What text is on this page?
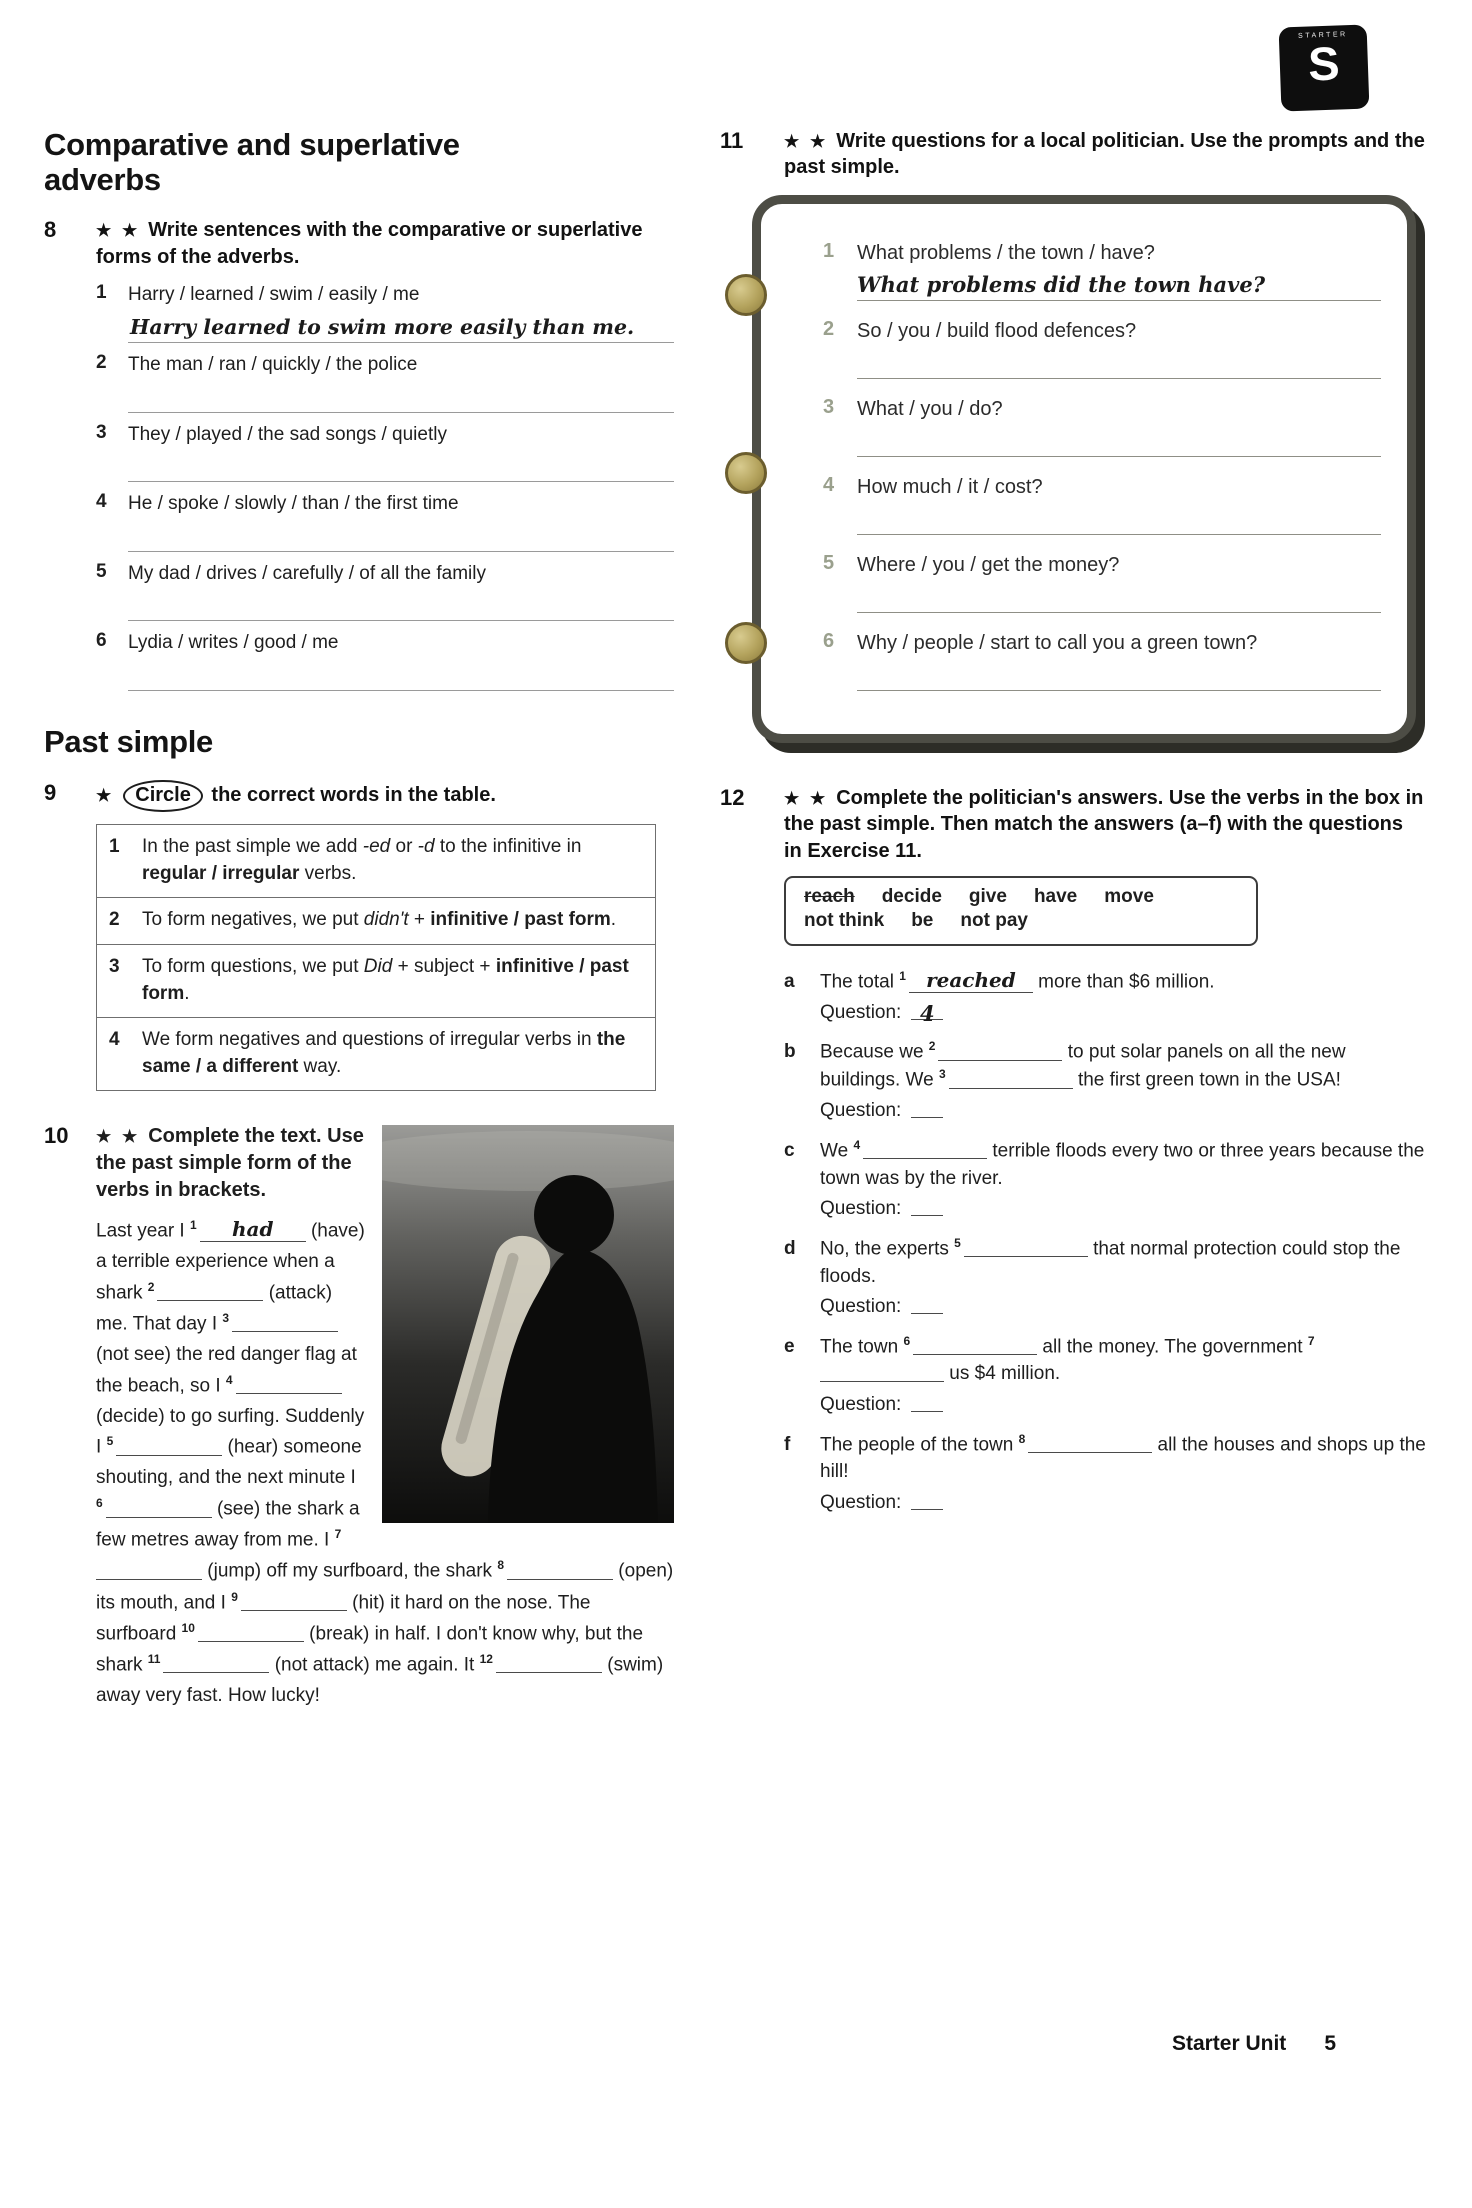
STARTER
S
Comparative and superlative adverbs
8	★ ★ Write sentences with the comparative or superlative forms of the adverbs.
1	Harry / learned / swim / easily / me
Harry learned to swim more easily than me.
2	The man / ran / quickly / the police
3	They / played / the sad songs / quietly
4	He / spoke / slowly / than / the first time
5	My dad / drives / carefully / of all the family
6	Lydia / writes / good / me
Past simple
9	★ Circle the correct words in the table.
1	In the past simple we add -ed or -d to the infinitive in regular / irregular verbs.
2	To form negatives, we put didn't + infinitive / past form.
3	To form questions, we put Did + subject + infinitive / past form.
4	We form negatives and questions of irregular verbs in the same / a different way.
10 ★ ★ Complete the text. Use the past simple form of the verbs in brackets.

Last year I $^1$ had (have) a terrible experience when a shark $^2$	(attack) me. That day I $^3$ (not see) the red danger flag at the beach, so I $^4$ (decide) to go surfing. Suddenly I $^5$	(hear) someone shouting, and the next minute I $^6$	(see) the shark a few metres away from me. I $^7$ (jump) off my surfboard, the shark $^8$	(open) its mouth, and I $^9$	(hit) it hard on the nose. The surfboard $^{10}$	(break) in half. I don't know why, but the shark $^{11}$	(not attack) me again. It $^{12}$	(swim) away very fast. How lucky!

11	★ ★ Write questions for a local politician. Use the prompts and the past simple.
1	What problems / the town / have?
What problems did the town have?
2	So / you / build flood defences?
3	What / you / do?
4	How much / it / cost?
5	Where / you / get the money?
6	Why / people / start to call you a green town?
12	★ ★ Complete the politician's answers. Use the verbs in the box in the past simple. Then match the answers (a–f) with the questions in Exercise 11.
reach decide give have move
not think be not pay
a	The total $^1$ reached more than $6 million.

Question: 4

b	Because we $^2$	to put solar panels on all the new buildings. We $^3$	the first green town in the USA!

Question:

c	We $^4$	terrible floods every two or three years because the town was by the river.

Question:

d	No, the experts $^5$	that normal protection could stop the floods.

Question:

e	The town $^6$	all the money. The government $^7$ us $4 million.

Question:

f	The people of the town $^8$	all the houses and shops up the hill!

Question:

Starter Unit 5
